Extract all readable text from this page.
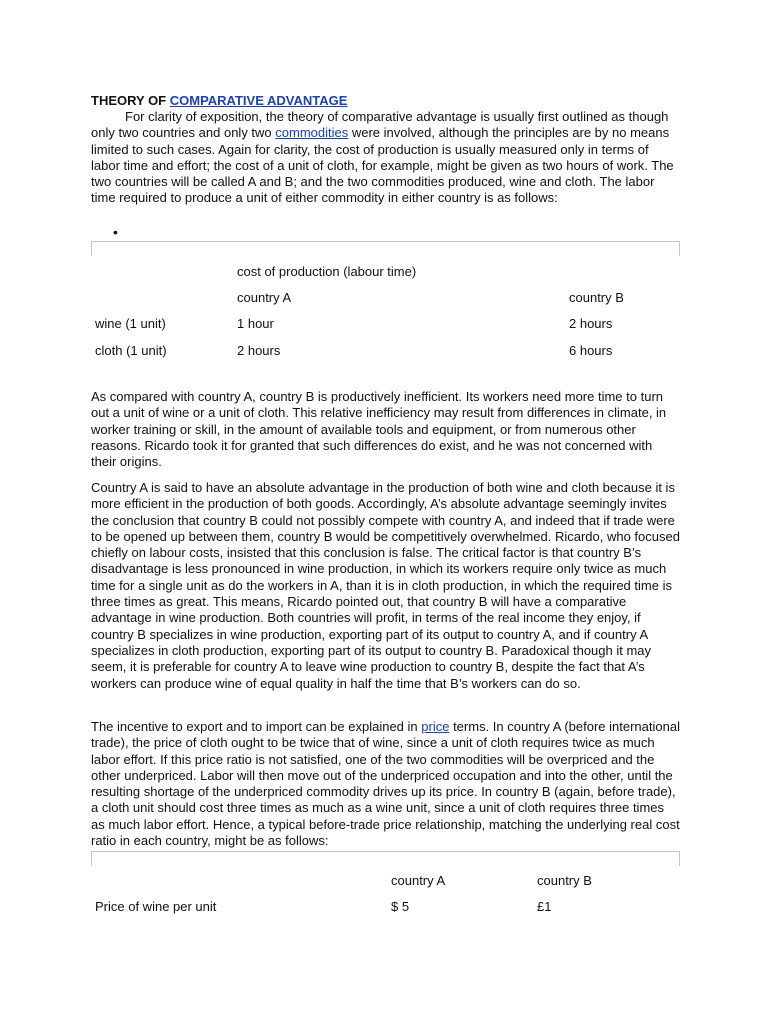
THEORY OF COMPARATIVE ADVANTAGE

For clarity of exposition, the theory of comparative advantage is usually first outlined as though only two countries and only two commodities were involved, although the principles are by no means limited to such cases. Again for clarity, the cost of production is usually measured only in terms of labor time and effort; the cost of a unit of cloth, for example, might be given as two hours of work. The two countries will be called A and B; and the two commodities produced, wine and cloth. The labor time required to produce a unit of either commodity in either country is as follows:

•
cost of production (labour time)
country A	country B
wine (1 unit)	1 hour	2 hours
cloth (1 unit)	2 hours	6 hours

As compared with country A, country B is productively inefficient. Its workers need more time to turn out a unit of wine or a unit of cloth. This relative inefficiency may result from differences in climate, in worker training or skill, in the amount of available tools and equipment, or from numerous other reasons. Ricardo took it for granted that such differences do exist, and he was not concerned with their origins.

Country A is said to have an absolute advantage in the production of both wine and cloth because it is more efficient in the production of both goods. Accordingly, A’s absolute advantage seemingly invites the conclusion that country B could not possibly compete with country A, and indeed that if trade were to be opened up between them, country B would be competitively overwhelmed. Ricardo, who focused chiefly on labour costs, insisted that this conclusion is false. The critical factor is that country B’s disadvantage is less pronounced in wine production, in which its workers require only twice as much time for a single unit as do the workers in A, than it is in cloth production, in which the required time is three times as great. This means, Ricardo pointed out, that country B will have a comparative advantage in wine production. Both countries will profit, in terms of the real income they enjoy, if country B specializes in wine production, exporting part of its output to country A, and if country A specializes in cloth production, exporting part of its output to country B. Paradoxical though it may seem, it is preferable for country A to leave wine production to country B, despite the fact that A’s workers can produce wine of equal quality in half the time that B’s workers can do so.

The incentive to export and to import can be explained in price terms. In country A (before international trade), the price of cloth ought to be twice that of wine, since a unit of cloth requires twice as much labor effort. If this price ratio is not satisfied, one of the two commodities will be overpriced and the other underpriced. Labor will then move out of the underpriced occupation and into the other, until the resulting shortage of the underpriced commodity drives up its price. In country B (again, before trade), a cloth unit should cost three times as much as a wine unit, since a unit of cloth requires three times as much labor effort. Hence, a typical before-trade price relationship, matching the underlying real cost ratio in each country, might be as follows:

country A	country B
Price of wine per unit	$ 5	£1
